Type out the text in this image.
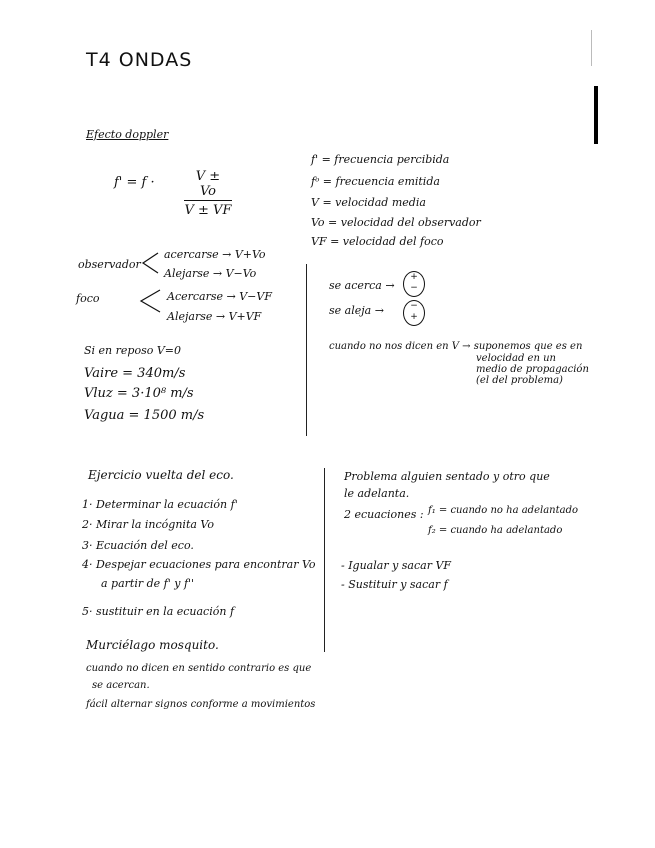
T4 ONDAS
Efecto doppler
$f' = f \cdot \frac{V \pm Vo}{V \pm VF}$
f' = frecuencia percibida
fᵒ = frecuencia emitida
V = velocidad media
Vo = velocidad del observador
VF = velocidad del foco
observador
acercarse → V+Vo
Alejarse → V−Vo
foco	Acercarse → V−VF
Alejarse → V+VF
se acerca →
+
−
se aleja →	−
+
Si en reposo V=0
Vaire = 340m/s
Vluz = 3·10⁸ m/s
Vagua = 1500 m/s
cuando no nos dicen en V → suponemos que es en
velocidad en un
medio de propagación
(el del problema)
Ejercicio vuelta del eco.
1· Determinar la ecuación f'
2· Mirar la incógnita Vo
3· Ecuación del eco.
4· Despejar ecuaciones para encontrar Vo
a partir de f' y f''
5· sustituir en la ecuación f
Problema alguien sentado y otro que
le adelanta.
2 ecuaciones : f₁ = cuando no ha adelantado
f₂ = cuando ha adelantado
- Igualar y sacar VF
- Sustituir y sacar f
Murciélago mosquito.
cuando no dicen en sentido contrario es que
se acercan.
fácil alternar signos conforme a movimientos
